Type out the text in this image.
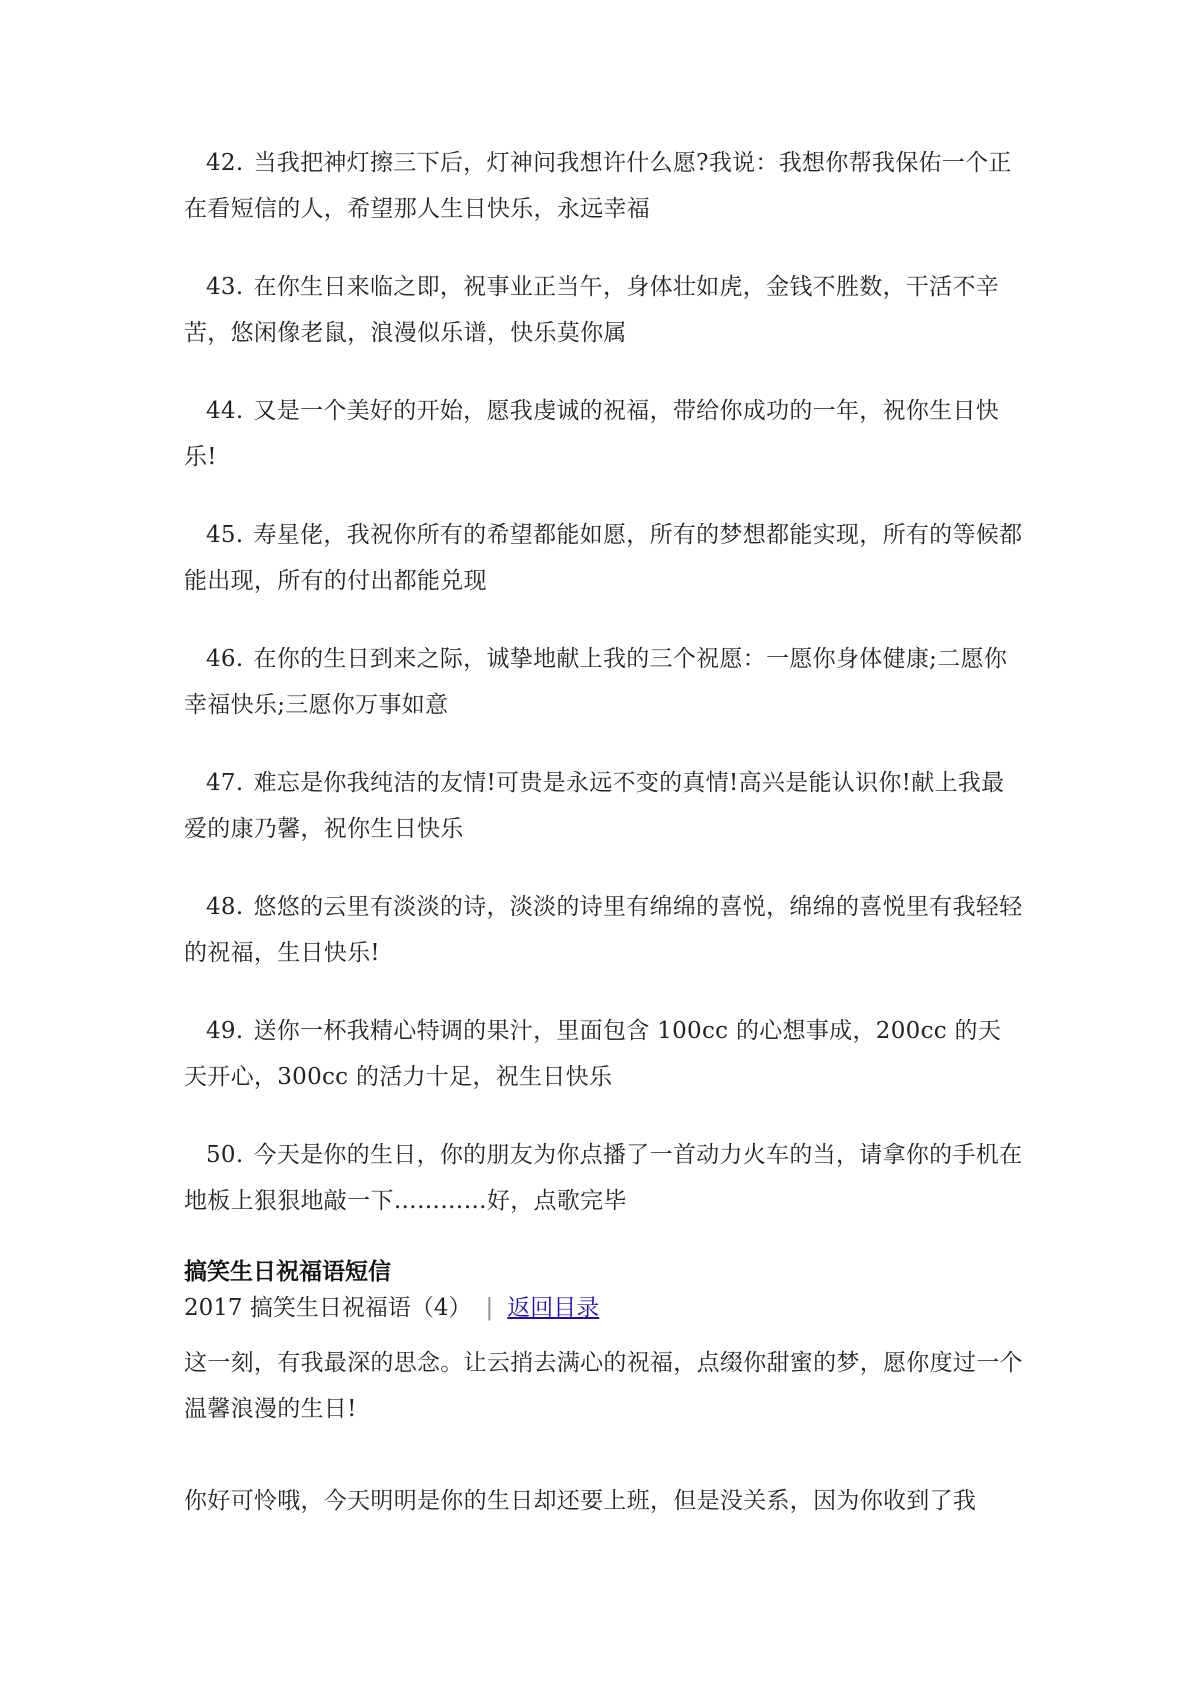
42. 当我把神灯擦三下后，灯神问我想许什么愿?我说：我想你帮我保佑一个正在看短信的人，希望那人生日快乐，永远幸福

43. 在你生日来临之即，祝事业正当午，身体壮如虎，金钱不胜数，干活不辛苦，悠闲像老鼠，浪漫似乐谱，快乐莫你属

44. 又是一个美好的开始，愿我虔诚的祝福，带给你成功的一年，祝你生日快乐!

45. 寿星佬，我祝你所有的希望都能如愿，所有的梦想都能实现，所有的等候都能出现，所有的付出都能兑现

46. 在你的生日到来之际，诚挚地献上我的三个祝愿：一愿你身体健康;二愿你幸福快乐;三愿你万事如意

47. 难忘是你我纯洁的友情!可贵是永远不变的真情!高兴是能认识你!献上我最爱的康乃馨，祝你生日快乐

48. 悠悠的云里有淡淡的诗，淡淡的诗里有绵绵的喜悦，绵绵的喜悦里有我轻轻的祝福，生日快乐!

49. 送你一杯我精心特调的果汁，里面包含 100cc 的心想事成，200cc 的天天开心，300cc 的活力十足，祝生日快乐

50. 今天是你的生日，你的朋友为你点播了一首动力火车的当，请拿你的手机在地板上狠狠地敲一下…………好，点歌完毕

搞笑生日祝福语短信
2017 搞笑生日祝福语（4） | 返回目录

这一刻，有我最深的思念。让云捎去满心的祝福，点缀你甜蜜的梦，愿你度过一个温馨浪漫的生日!

你好可怜哦，今天明明是你的生日却还要上班，但是没关系，因为你收到了我
